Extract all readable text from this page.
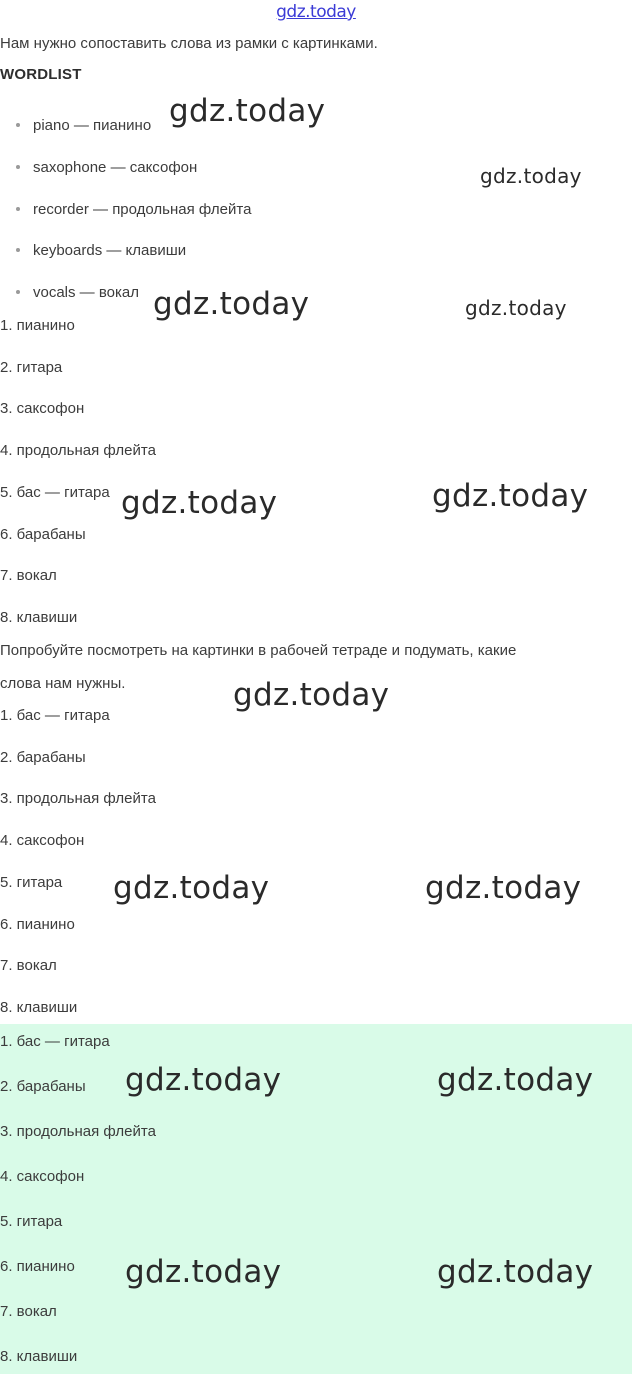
gdz.today
Нам нужно сопоставить слова из рамки с картинками.
WORDLIST
piano — пианино
saxophone — саксофон
recorder — продольная флейта
keyboards — клавиши
vocals — вокал
1. пианино
2. гитара
3. саксофон
4. продольная флейта
5. бас — гитара
6. барабаны
7. вокал
8. клавиши
Попробуйте посмотреть на картинки в рабочей тетраде и подумать, какие
слова нам нужны.
1. бас — гитара
2. барабаны
3. продольная флейта
4. саксофон
5. гитара
6. пианино
7. вокал
8. клавиши
1. бас — гитара
2. барабаны
3. продольная флейта
4. саксофон
5. гитара
6. пианино
7. вокал
8. клавиши
gdz.today
gdz.today
gdz.today	gdz.today
gdz.today	gdz.today
gdz.today
gdz.today	gdz.today
gdz.today	gdz.today
gdz.today	gdz.today
